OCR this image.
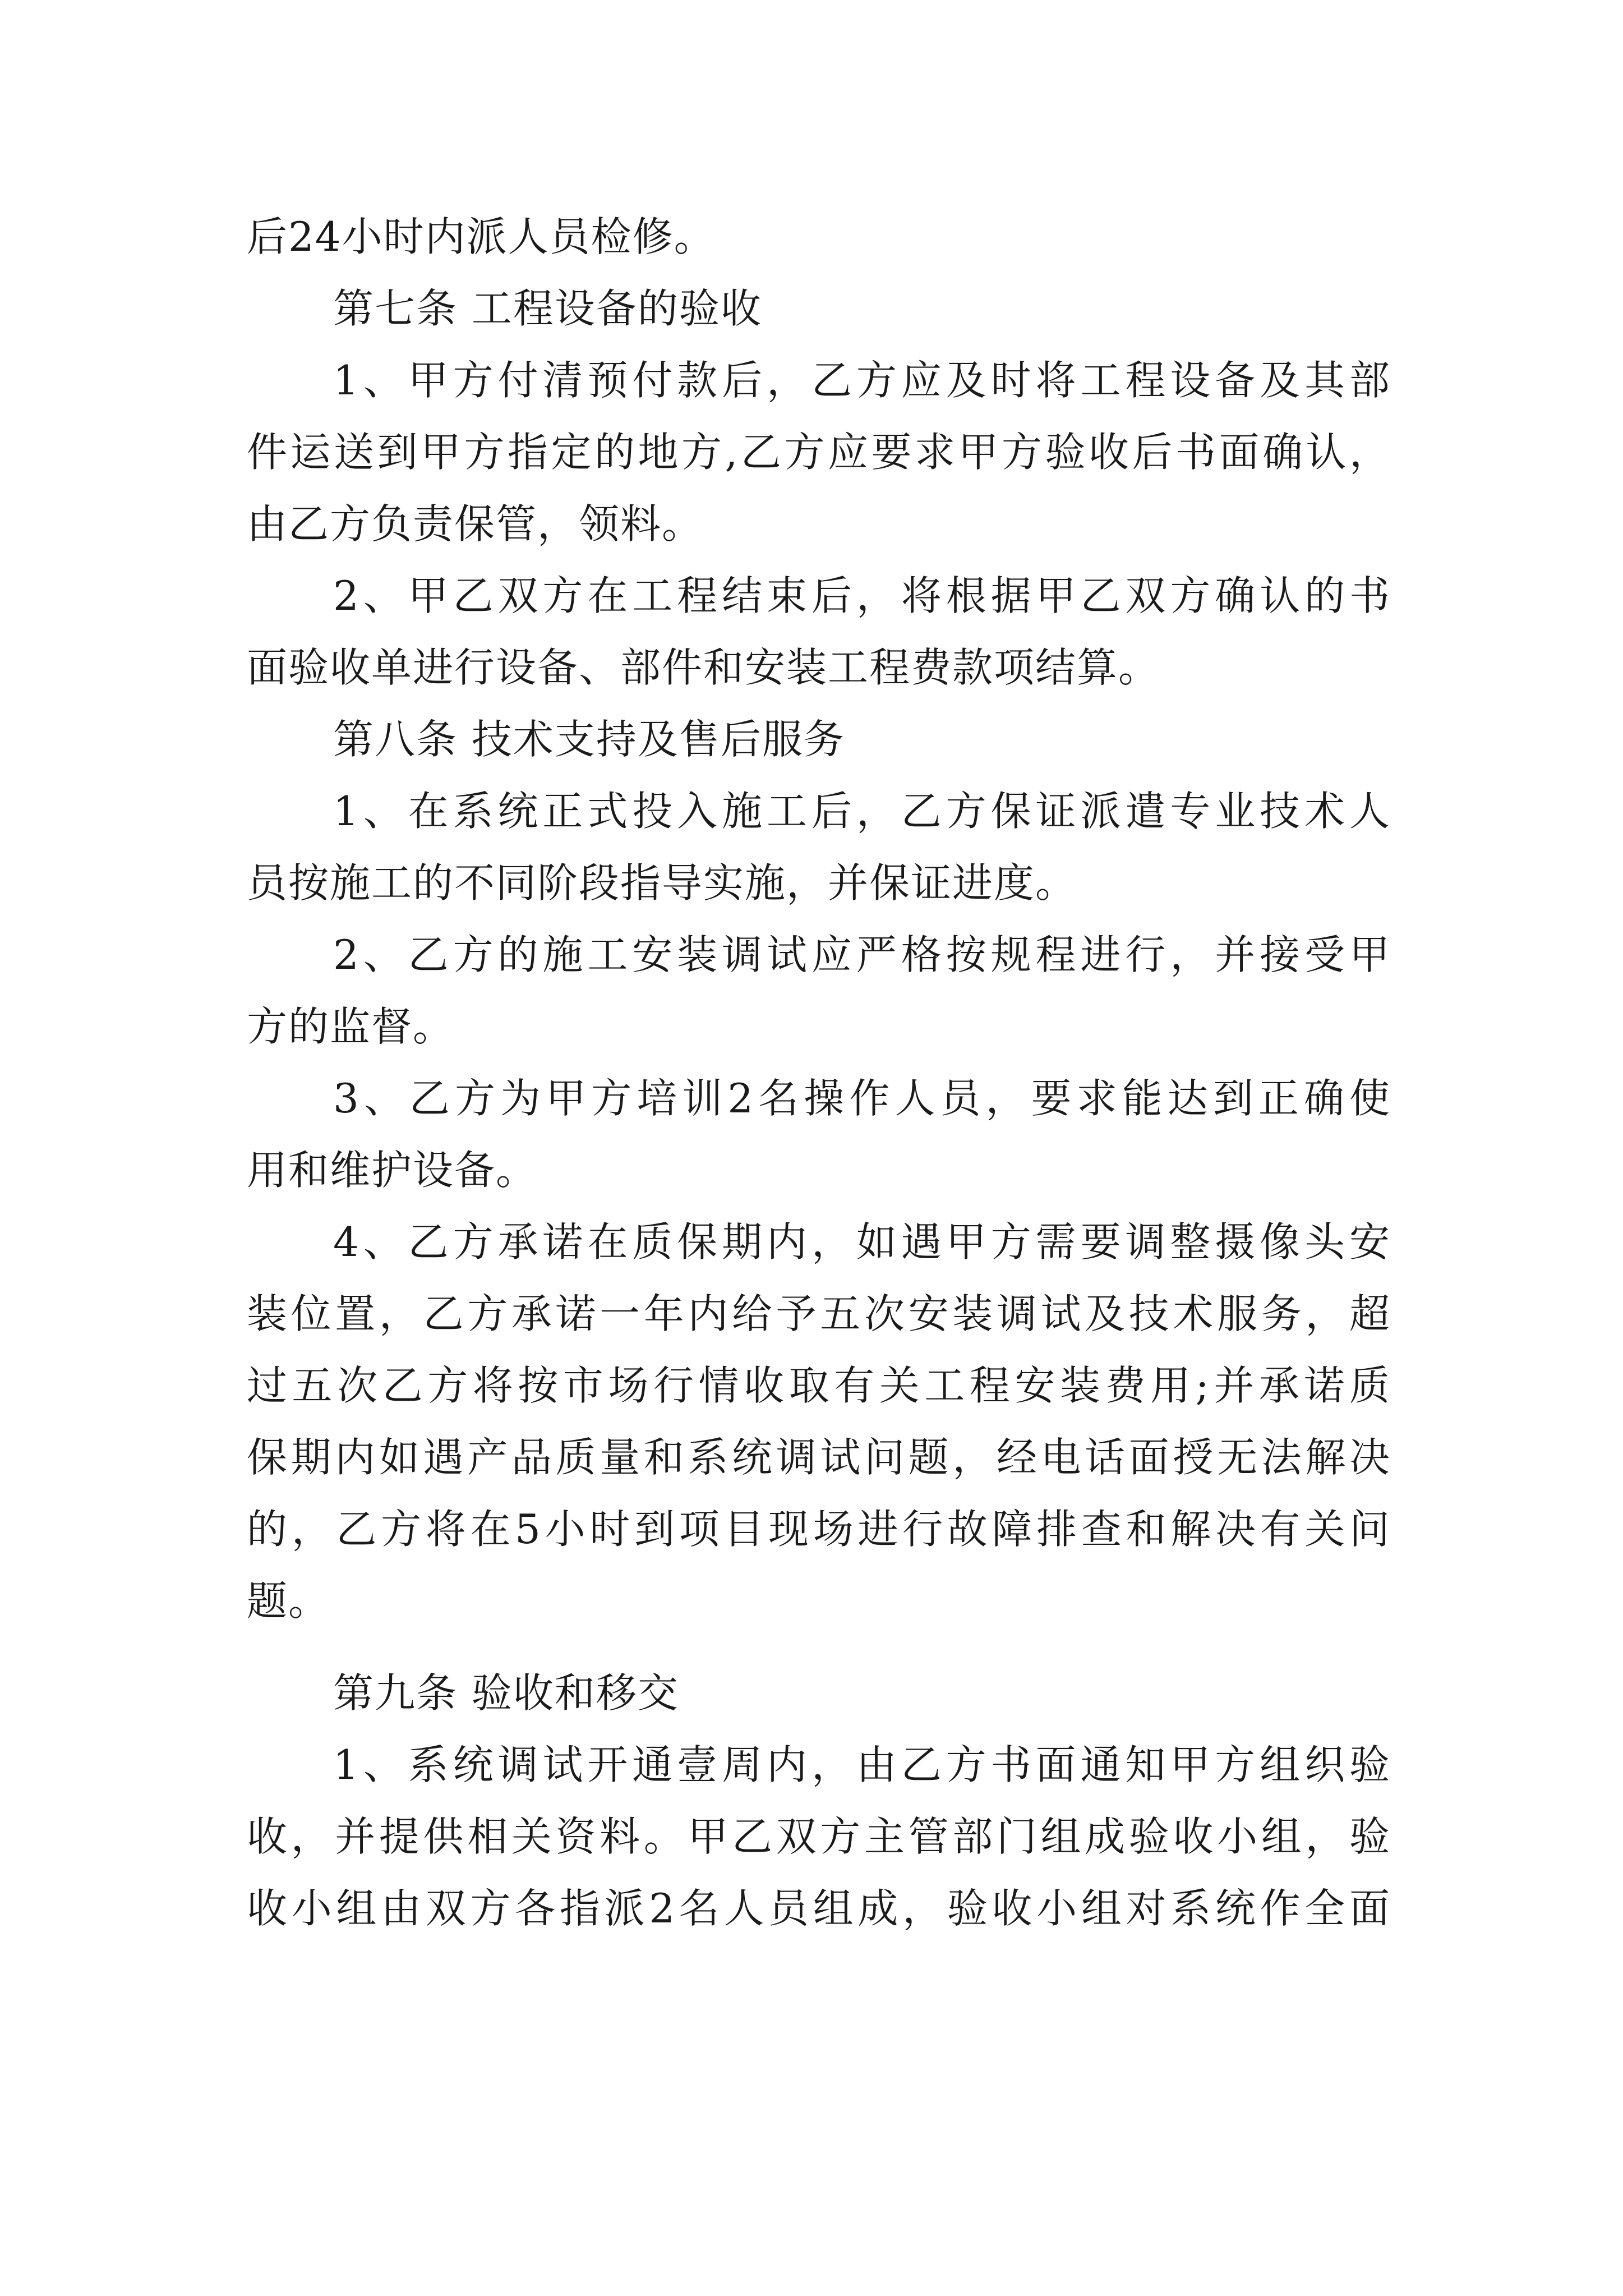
后24小时内派人员检修。
第七条 工程设备的验收
1、甲方付清预付款后，乙方应及时将工程设备及其部
件运送到甲方指定的地方,乙方应要求甲方验收后书面确认，
由乙方负责保管，领料。
2、甲乙双方在工程结束后，将根据甲乙双方确认的书
面验收单进行设备、部件和安装工程费款项结算。
第八条 技术支持及售后服务
1、在系统正式投入施工后，乙方保证派遣专业技术人
员按施工的不同阶段指导实施，并保证进度。
2、乙方的施工安装调试应严格按规程进行，并接受甲
方的监督。
3、乙方为甲方培训2名操作人员，要求能达到正确使
用和维护设备。
4、乙方承诺在质保期内，如遇甲方需要调整摄像头安
装位置，乙方承诺一年内给予五次安装调试及技术服务，超
过五次乙方将按市场行情收取有关工程安装费用;并承诺质
保期内如遇产品质量和系统调试问题，经电话面授无法解决
的，乙方将在5小时到项目现场进行故障排查和解决有关问
题。
第九条 验收和移交
1、系统调试开通壹周内，由乙方书面通知甲方组织验
收，并提供相关资料。甲乙双方主管部门组成验收小组，验
收小组由双方各指派2名人员组成，验收小组对系统作全面
